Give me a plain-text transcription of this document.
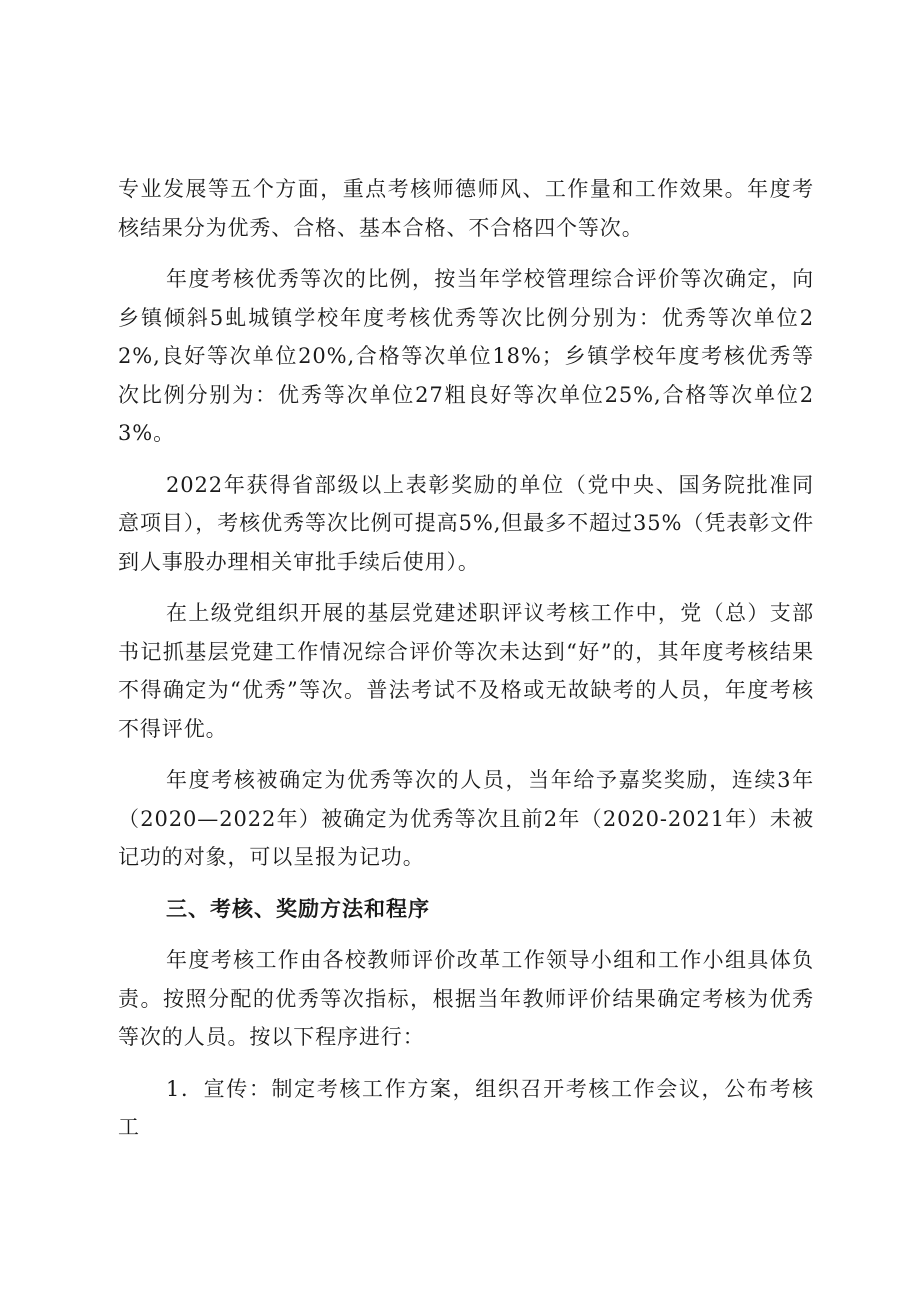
专业发展等五个方面，重点考核师德师风、工作量和工作效果。年度考核结果分为优秀、合格、基本合格、不合格四个等次。

年度考核优秀等次的比例，按当年学校管理综合评价等次确定，向乡镇倾斜5虬城镇学校年度考核优秀等次比例分别为：优秀等次单位22%,良好等次单位20%,合格等次单位18%；乡镇学校年度考核优秀等次比例分别为：优秀等次单位27粗良好等次单位25%,合格等次单位23%。

2022年获得省部级以上表彰奖励的单位（党中央、国务院批准同意项目），考核优秀等次比例可提高5%,但最多不超过35%（凭表彰文件到人事股办理相关审批手续后使用）。

在上级党组织开展的基层党建述职评议考核工作中，党（总）支部书记抓基层党建工作情况综合评价等次未达到“好”的，其年度考核结果不得确定为“优秀”等次。普法考试不及格或无故缺考的人员，年度考核不得评优。

年度考核被确定为优秀等次的人员，当年给予嘉奖奖励，连续3年（2020—2022年）被确定为优秀等次且前2年（2020-2021年）未被记功的对象，可以呈报为记功。

三、考核、奖励方法和程序

年度考核工作由各校教师评价改革工作领导小组和工作小组具体负责。按照分配的优秀等次指标，根据当年教师评价结果确定考核为优秀等次的人员。按以下程序进行：

1．宣传：制定考核工作方案，组织召开考核工作会议，公布考核工
